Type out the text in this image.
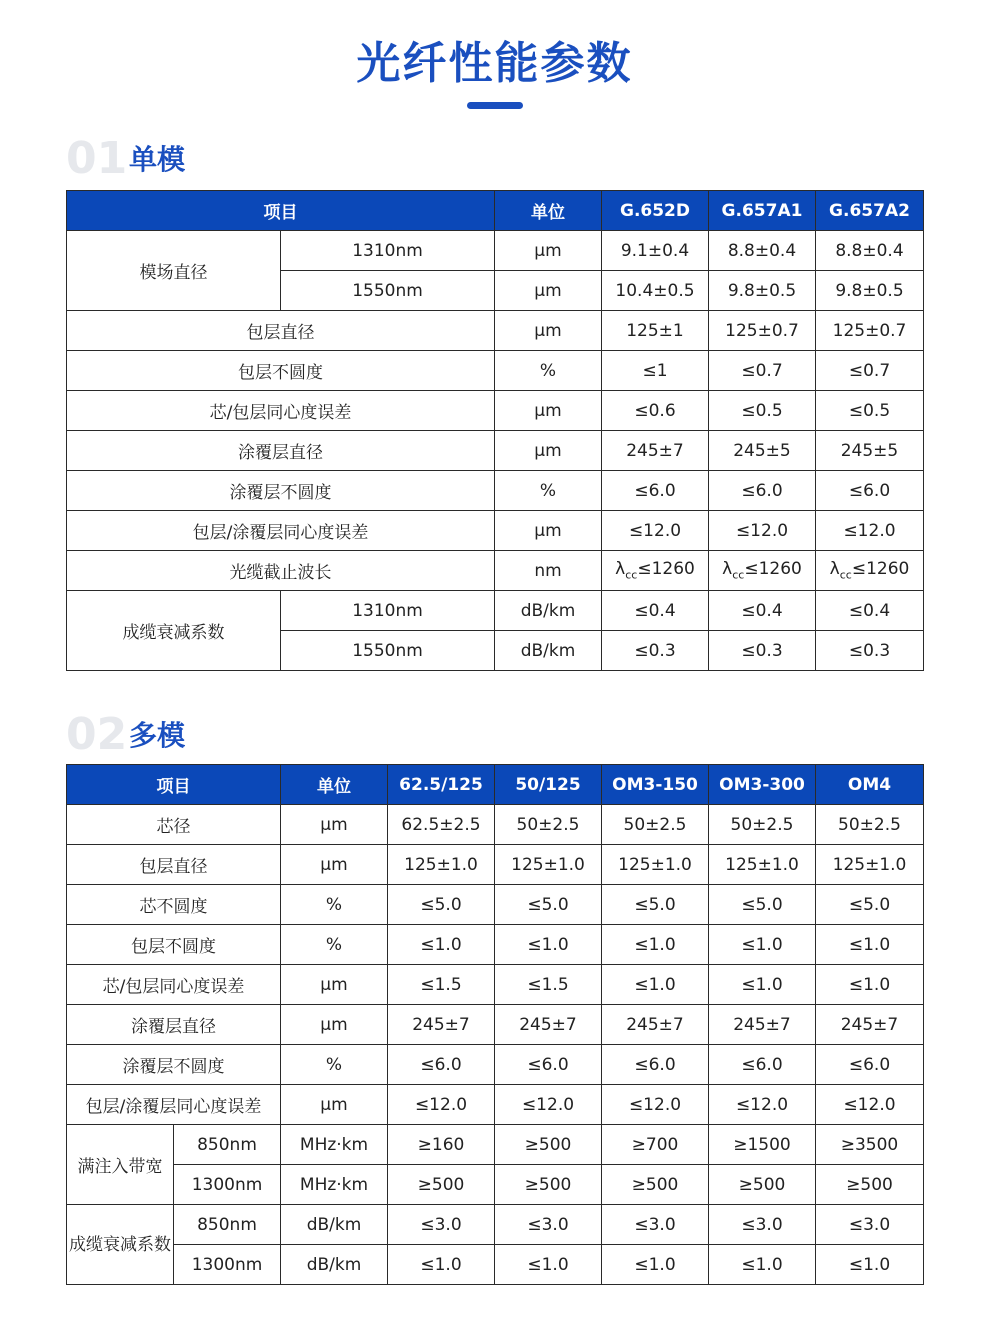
光纤性能参数
01 单模
项目		单位	G.652D	G.657A1	G.657A2
模场直径	1310nm	μm	9.1±0.4	8.8±0.4	8.8±0.4
	1550nm	μm	10.4±0.5	9.8±0.5	9.8±0.5
包层直径		μm	125±1	125±0.7	125±0.7
包层不圆度		%	≤1	≤0.7	≤0.7
芯/包层同心度误差		μm	≤0.6	≤0.5	≤0.5
涂覆层直径		μm	245±7	245±5	245±5
涂覆层不圆度		%	≤6.0	≤6.0	≤6.0
包层/涂覆层同心度误差		μm	≤12.0	≤12.0	≤12.0
光缆截止波长		nm	$\lambda_{cc}\le 1260$	$\lambda_{cc}\le 1260$	$\lambda_{cc}\le 1260$
成缆衰减系数	1310nm	dB/km	≤0.4	≤0.4	≤0.4
	1550nm	dB/km	≤0.3	≤0.3	≤0.3
02 多模
项目		单位	62.5/125	50/125	OM3-150	OM3-300	OM4
芯径		μm	62.5±2.5	50±2.5	50±2.5	50±2.5	50±2.5
包层直径		μm	125±1.0	125±1.0	125±1.0	125±1.0	125±1.0
芯不圆度		%	≤5.0	≤5.0	≤5.0	≤5.0	≤5.0
包层不圆度		%	≤1.0	≤1.0	≤1.0	≤1.0	≤1.0
芯/包层同心度误差		μm	≤1.5	≤1.5	≤1.0	≤1.0	≤1.0
涂覆层直径		μm	245±7	245±7	245±7	245±7	245±7
涂覆层不圆度		%	≤6.0	≤6.0	≤6.0	≤6.0	≤6.0
包层/涂覆层同心度误差		μm	≤12.0	≤12.0	≤12.0	≤12.0	≤12.0
满注入带宽	850nm	MHz·km	≥160	≥500	≥700	≥1500	≥3500
	1300nm	MHz·km	≥500	≥500	≥500	≥500	≥500
成缆衰减系数	850nm	dB/km	≤3.0	≤3.0	≤3.0	≤3.0	≤3.0
	1300nm	dB/km	≤1.0	≤1.0	≤1.0	≤1.0	≤1.0
